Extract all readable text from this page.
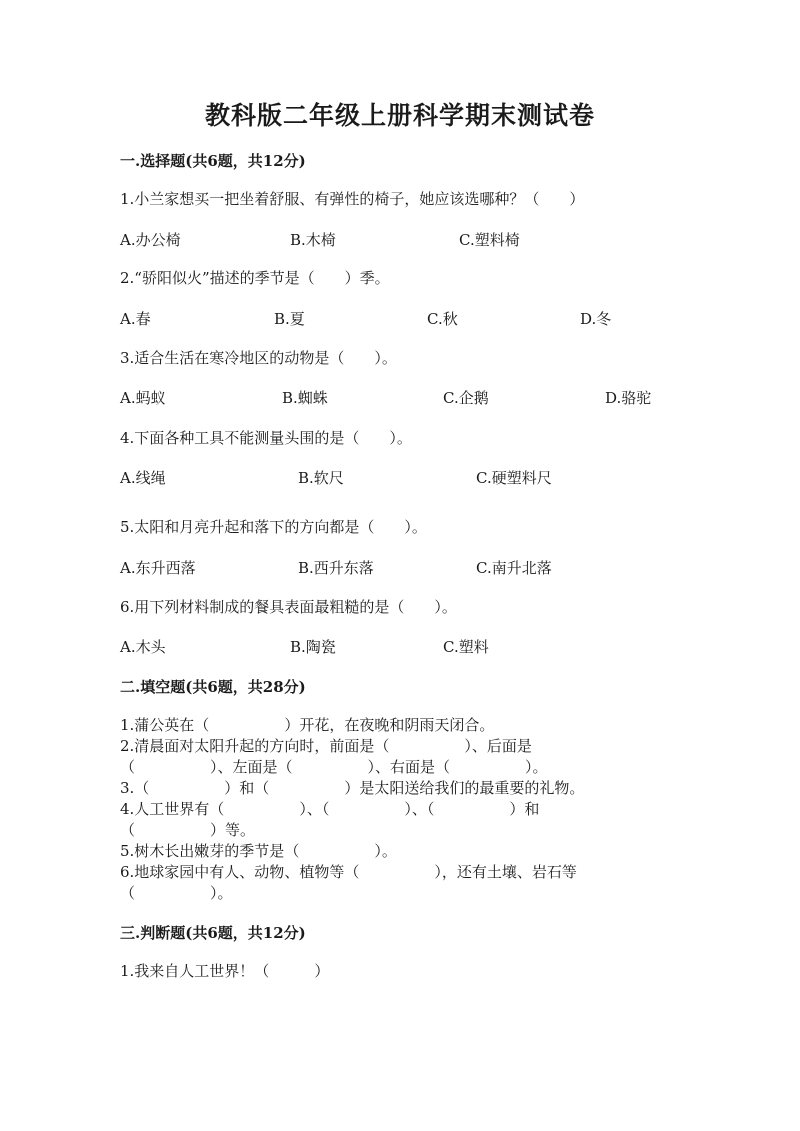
教科版二年级上册科学期末测试卷
一.选择题(共6题，共12分)
1.小兰家想买一把坐着舒服、有弹性的椅子，她应该选哪种？（　　）
A.办公椅	B.木椅	C.塑料椅
2.“骄阳似火”描述的季节是（　　）季。
A.春	B.夏	C.秋	D.冬
3.适合生活在寒冷地区的动物是（　　）。
A.蚂蚁	B.蜘蛛	C.企鹅	D.骆驼
4.下面各种工具不能测量头围的是（　　）。
A.线绳	B.软尺	C.硬塑料尺
5.太阳和月亮升起和落下的方向都是（　　）。
A.东升西落	B.西升东落	C.南升北落
6.用下列材料制成的餐具表面最粗糙的是（　　）。
A.木头	B.陶瓷	C.塑料
二.填空题(共6题，共28分)
1.蒲公英在（　　　　　）开花，在夜晚和阴雨天闭合。
2.清晨面对太阳升起的方向时，前面是（　　　　　）、后面是
（　　　　　）、左面是（　　　　　）、右面是（　　　　　）。
3.（　　　　　）和（　　　　　）是太阳送给我们的最重要的礼物。
4.人工世界有（　　　　　）、（　　　　　）、（　　　　　）和
（　　　　　）等。
5.树木长出嫩芽的季节是（　　　　　）。
6.地球家园中有人、动物、植物等（　　　　　），还有土壤、岩石等
（　　　　　）。
三.判断题(共6题，共12分)
1.我来自人工世界！（　　　）
